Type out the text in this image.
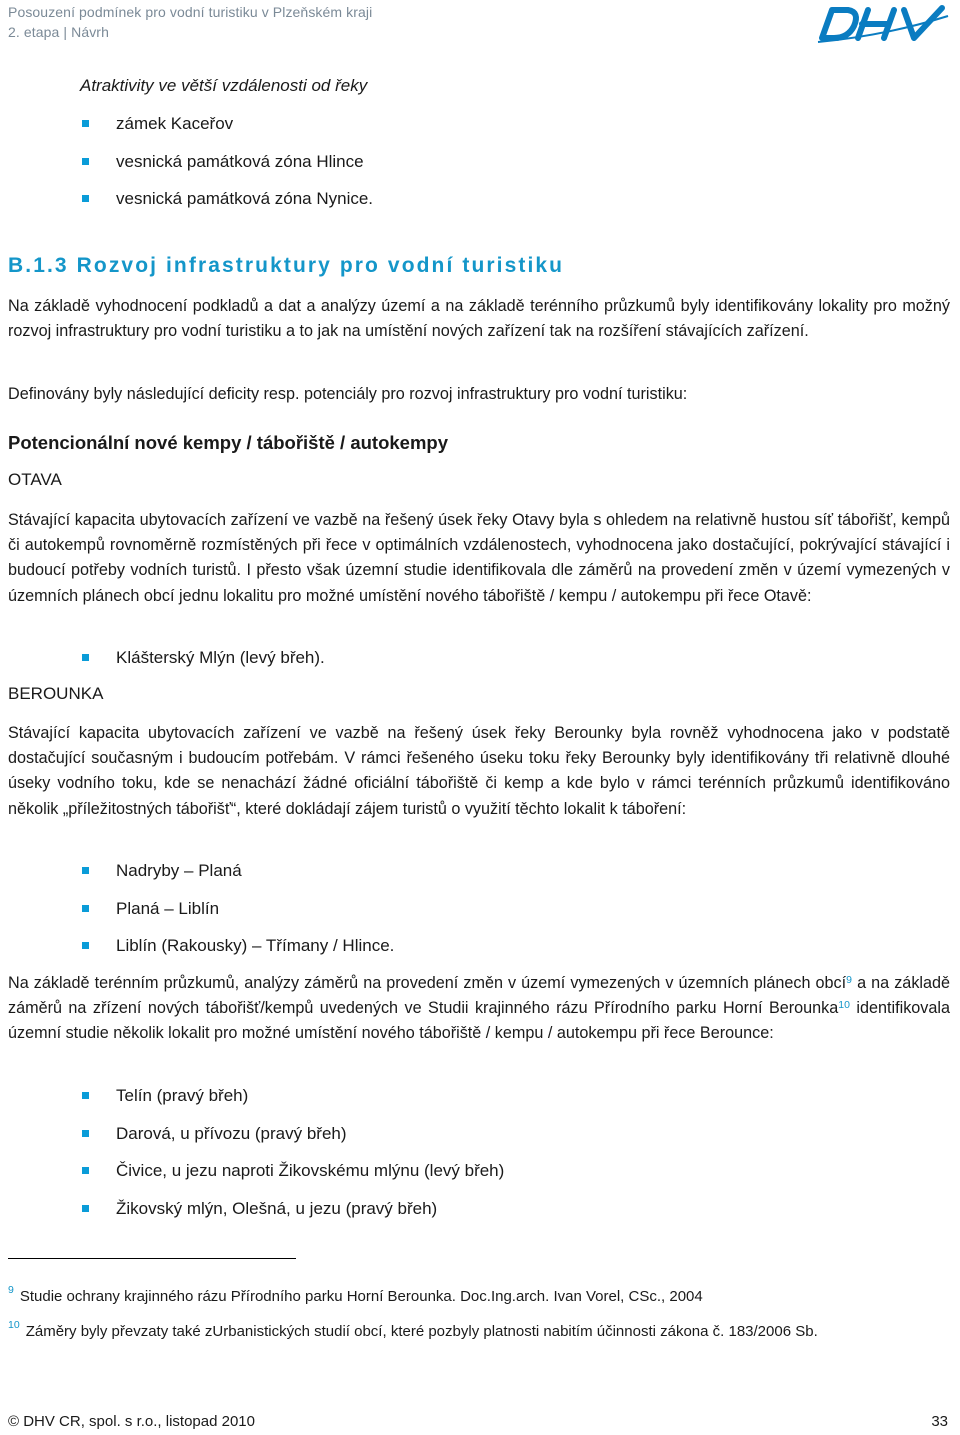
Posouzení podmínek pro vodní turistiku v Plzeňském kraji
2. etapa | Návrh
Atraktivity ve větší vzdálenosti od řeky
zámek Kaceřov
vesnická památková zóna Hlince
vesnická památková zóna Nynice.
B.1.3 Rozvoj infrastruktury pro vodní turistiku
Na základě vyhodnocení podkladů a dat a analýzy území a na základě terénního průzkumů byly identifikovány lokality pro možný rozvoj infrastruktury pro vodní turistiku a to jak na umístění nových zařízení tak na rozšíření stávajících zařízení.
Definovány byly následující deficity resp. potenciály pro rozvoj infrastruktury pro vodní turistiku:
Potencionální nové kempy / tábořiště / autokempy
OTAVA
Stávající kapacita ubytovacích zařízení ve vazbě na řešený úsek řeky Otavy byla s ohledem na relativně hustou síť tábořišť, kempů či autokempů rovnoměrně rozmístěných při řece v optimálních vzdálenostech, vyhodnocena jako dostačující, pokrývající stávající i budoucí potřeby vodních turistů. I přesto však územní studie identifikovala dle záměrů na provedení změn v území vymezených v územních plánech obcí jednu lokalitu pro možné umístění nového tábořiště / kempu / autokempu při řece Otavě:
Klášterský Mlýn (levý břeh).
BEROUNKA
Stávající kapacita ubytovacích zařízení ve vazbě na řešený úsek řeky Berounky byla rovněž vyhodnocena jako v podstatě dostačující současným i budoucím potřebám. V rámci řešeného úseku toku řeky Berounky byly identifikovány tři relativně dlouhé úseky vodního toku, kde se nenachází žádné oficiální tábořiště či kemp a kde bylo v rámci terénních průzkumů identifikováno několik „příležitostných tábořišť“, které dokládají zájem turistů o využití těchto lokalit k táboření:
Nadryby – Planá
Planá – Liblín
Liblín (Rakousky) – Třímany / Hlince.
Na základě terénním průzkumů, analýzy záměrů na provedení změn v území vymezených v územních plánech obcí$^9$ a na základě záměrů na zřízení nových tábořišť/kempů uvedených ve Studii krajinného rázu Přírodního parku Horní Berounka$^{10}$ identifikovala územní studie několik lokalit pro možné umístění nového tábořiště / kempu / autokempu při řece Berounce:
Telín (pravý břeh)
Darová, u přívozu (pravý břeh)
Čivice, u jezu naproti Žikovskému mlýnu (levý břeh)
Žikovský mlýn, Olešná, u jezu (pravý břeh)
$^9$ Studie ochrany krajinného rázu Přírodního parku Horní Berounka. Doc.Ing.arch. Ivan Vorel, CSc., 2004
$^{10}$ Záměry byly převzaty také zUrbanistických studií obcí, které pozbyly platnosti nabitím účinnosti zákona č. 183/2006 Sb.
© DHV CR, spol. s r.o., listopad 2010	33
